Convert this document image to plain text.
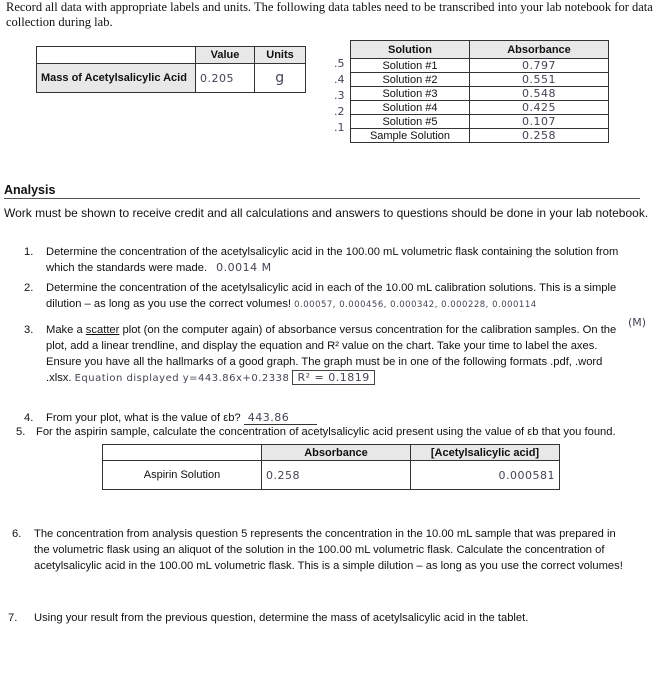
Record all data with appropriate labels and units. The following data tables need to be transcribed into your lab notebook for data collection during lab.
	Value	Units
Mass of Acetylsalicylic Acid	0.205	g
Solution	Absorbance
Solution #1	0.797
Solution #2	0.551
Solution #3	0.548
Solution #4	0.425
Solution #5	0.107
Sample Solution	0.258
.5
.4
.3
.2
.1
Analysis
Work must be shown to receive credit and all calculations and answers to questions should be done in your lab notebook.
1. Determine the concentration of the acetylsalicylic acid in the 100.00 mL volumetric flask containing the solution from which the standards were made. 0.0014 M
2. Determine the concentration of the acetylsalicylic acid in each of the 10.00 mL calibration solutions. This is a simple dilution – as long as you use the correct volumes! 0.00057, 0.000456, 0.000342, 0.000228, 0.000114
3. Make a scatter plot (on the computer again) of absorbance versus concentration for the calibration samples. On the plot, add a linear trendline, and display the equation and R² value on the chart. Take your time to label the axes. Ensure you have all the hallmarks of a good graph. The graph must be in one of the following formats .pdf, .word .xlsx. Equation displayed y=443.86x+0.2338 R² = 0.1819
(M)
4. From your plot, what is the value of εb? 443.86
5. For the aspirin sample, calculate the concentration of acetylsalicylic acid present using the value of εb that you found.
	Absorbance	[Acetylsalicylic acid]
Aspirin Solution	0.258	0.000581
6. The concentration from analysis question 5 represents the concentration in the 10.00 mL sample that was prepared in the volumetric flask using an aliquot of the solution in the 100.00 mL volumetric flask. Calculate the concentration of acetylsalicylic acid in the 100.00 mL volumetric flask. This is a simple dilution – as long as you use the correct volumes!
7. Using your result from the previous question, determine the mass of acetylsalicylic acid in the tablet.
